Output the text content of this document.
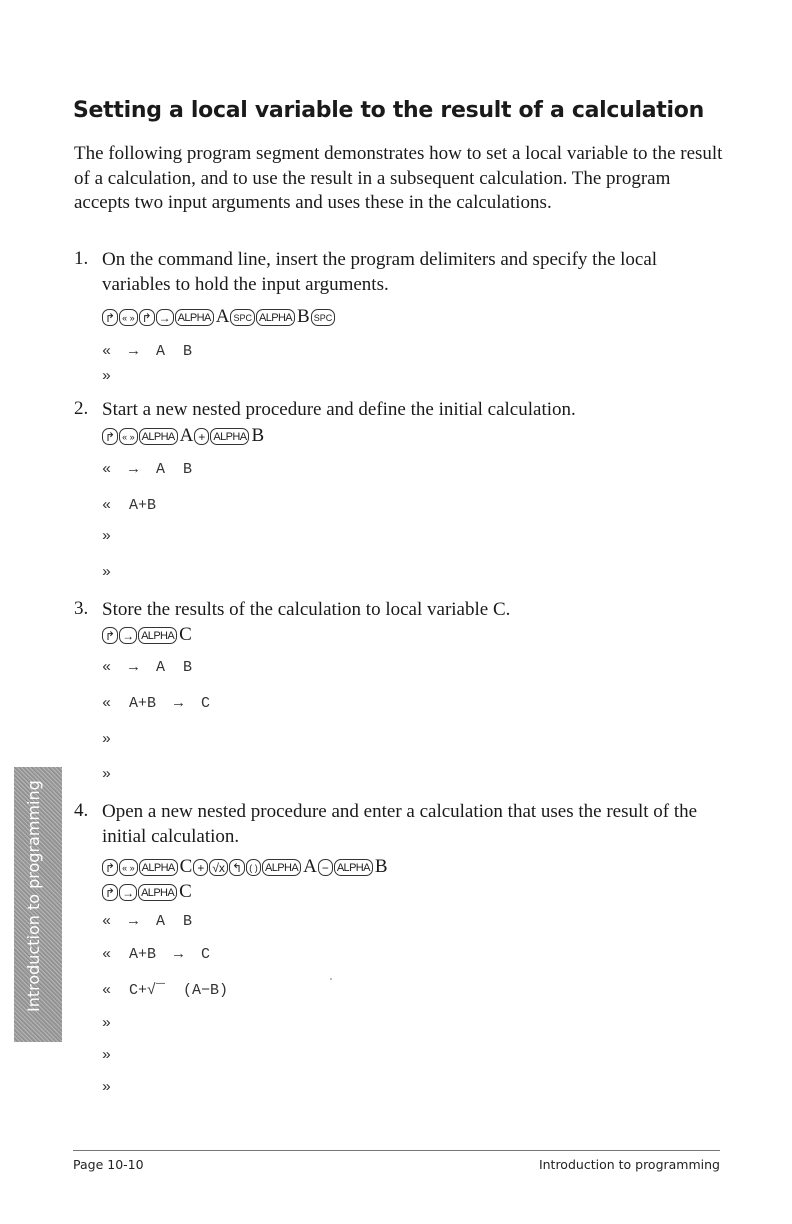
Setting a local variable to the result of a calculation

The following program segment demonstrates how to set a local variable to the result of a calculation, and to use the result in a subsequent calculation. The program accepts two input arguments and uses these in the calculations.

1. On the command line, insert the program delimiters and specify the local variables to hold the input arguments.
↱ « » ↱ → ALPHA A SPC ALPHA B SPC
«  →  A  B
»
2. Start a new nested procedure and define the initial calculation.
↱ « » ALPHA A + ALPHA B
«  →  A  B
«  A+B
»
»
3. Store the results of the calculation to local variable C.
↱ → ALPHA C
«  →  A  B
«  A+B  →  C
»
»
4. Open a new nested procedure and enter a calculation that uses the result of the initial calculation.
↱ « » ALPHA C + √x ↰ ( ) ALPHA A − ALPHA B
↱ → ALPHA C
«  →  A  B
«  A+B  →  C
«  C+√‾  (A−B)
»
»
»
Introduction to programming
Page 10-10	Introduction to programming
